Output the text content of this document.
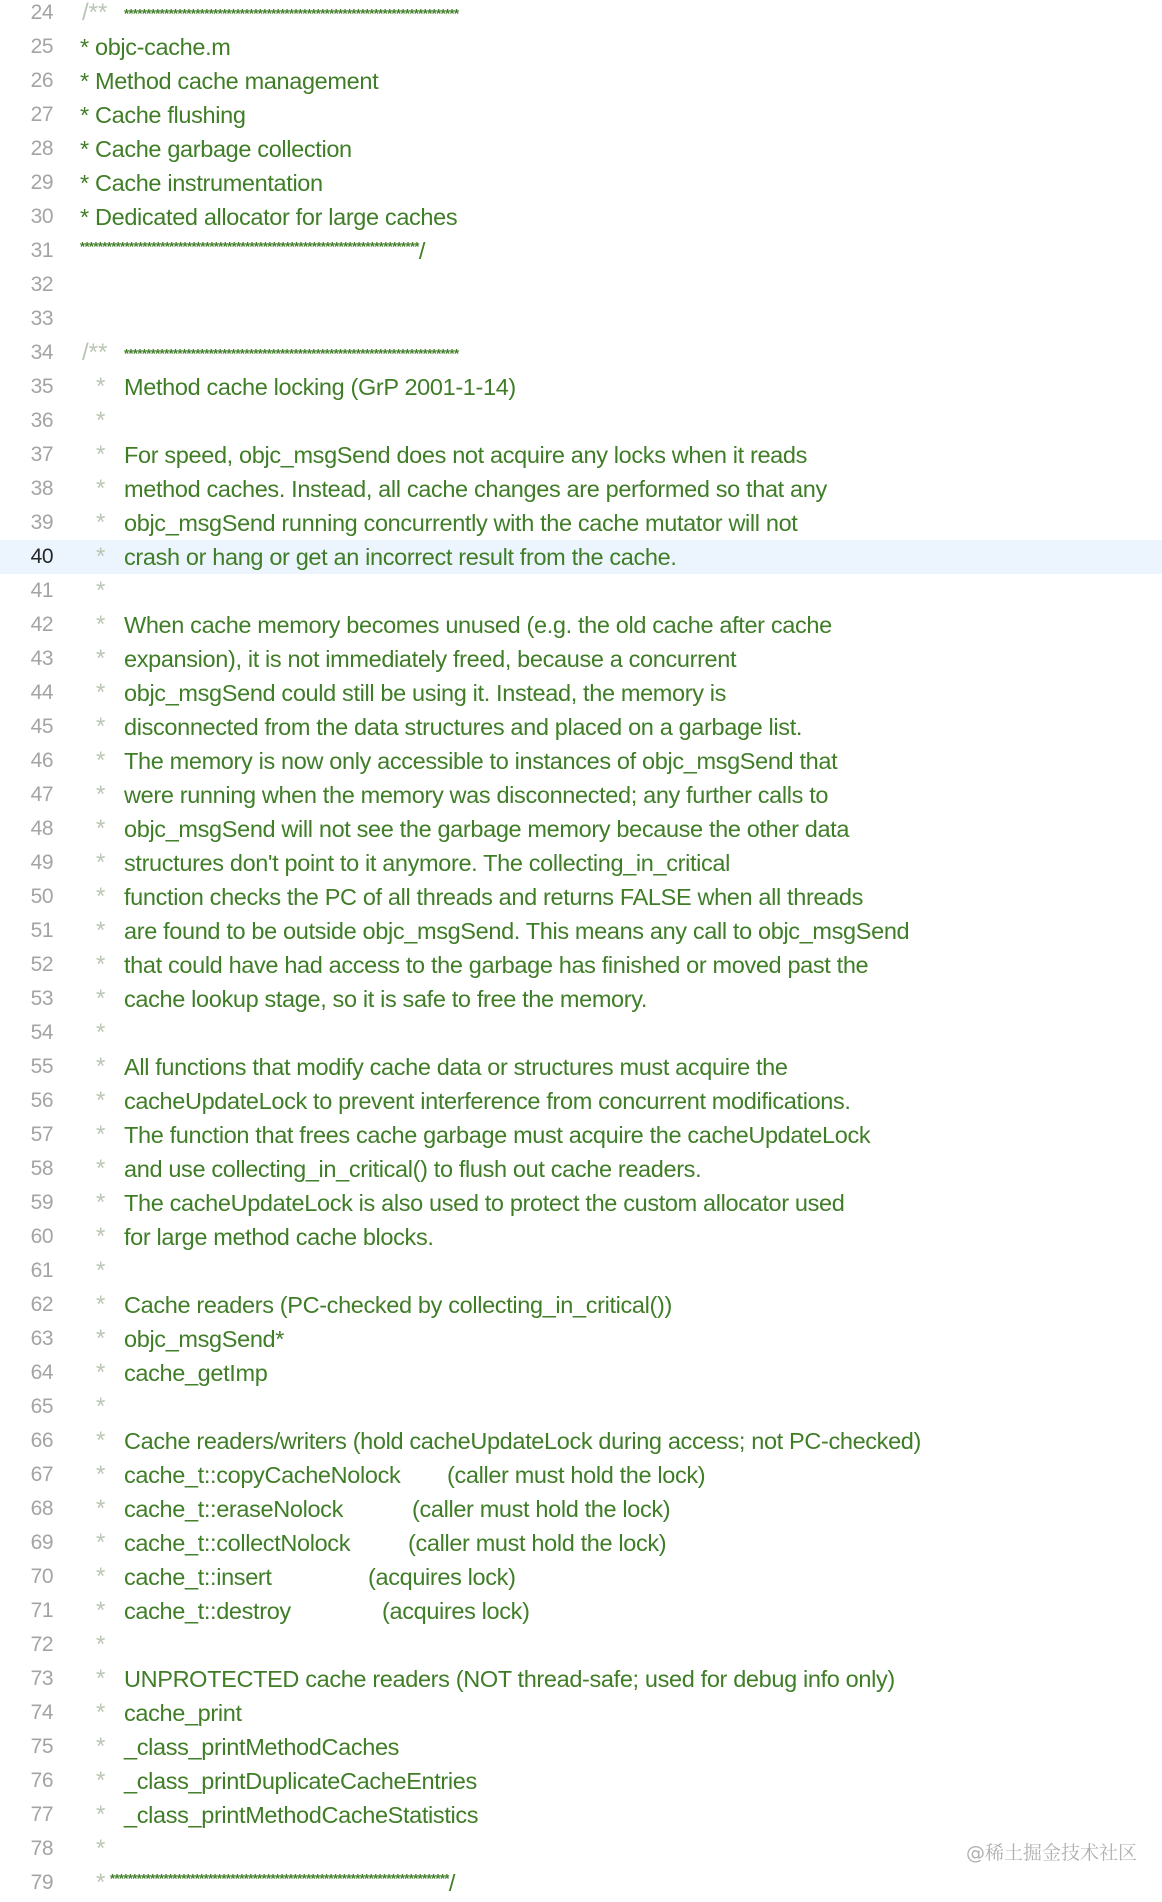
24 /** ***************************************************************************
25 * objc-cache.m
26 * Method cache management
27 * Cache flushing
28 * Cache garbage collection
29 * Cache instrumentation
30 * Dedicated allocator for large caches
31 ****************************************************************************/
32
33
34 /** ***************************************************************************
35 * Method cache locking (GrP 2001-1-14)
36 *
37 * For speed, objc_msgSend does not acquire any locks when it reads
38 * method caches. Instead, all cache changes are performed so that any
39 * objc_msgSend running concurrently with the cache mutator will not
40 * crash or hang or get an incorrect result from the cache.
41 *
42 * When cache memory becomes unused (e.g. the old cache after cache
43 * expansion), it is not immediately freed, because a concurrent
44 * objc_msgSend could still be using it. Instead, the memory is
45 * disconnected from the data structures and placed on a garbage list.
46 * The memory is now only accessible to instances of objc_msgSend that
47 * were running when the memory was disconnected; any further calls to
48 * objc_msgSend will not see the garbage memory because the other data
49 * structures don't point to it anymore. The collecting_in_critical
50 * function checks the PC of all threads and returns FALSE when all threads
51 * are found to be outside objc_msgSend. This means any call to objc_msgSend
52 * that could have had access to the garbage has finished or moved past the
53 * cache lookup stage, so it is safe to free the memory.
54 *
55 * All functions that modify cache data or structures must acquire the
56 * cacheUpdateLock to prevent interference from concurrent modifications.
57 * The function that frees cache garbage must acquire the cacheUpdateLock
58 * and use collecting_in_critical() to flush out cache readers.
59 * The cacheUpdateLock is also used to protect the custom allocator used
60 * for large method cache blocks.
61 *
62 * Cache readers (PC-checked by collecting_in_critical())
63 * objc_msgSend*
64 * cache_getImp
65 *
66 * Cache readers/writers (hold cacheUpdateLock during access; not PC-checked)
67 * cache_t::copyCacheNolock (caller must hold the lock)
68 * cache_t::eraseNolock	(caller must hold the lock)
69 * cache_t::collectNolock (caller must hold the lock)
70 * cache_t::insert	(acquires lock)
71 * cache_t::destroy	(acquires lock)
72 *
73 * UNPROTECTED cache readers (NOT thread-safe; used for debug info only)
74 * cache_print
75 * _class_printMethodCaches
76 * _class_printDuplicateCacheEntries
77 * _class_printMethodCacheStatistics
78 *
79 * ****************************************************************************/
@稀土掘金技术社区
